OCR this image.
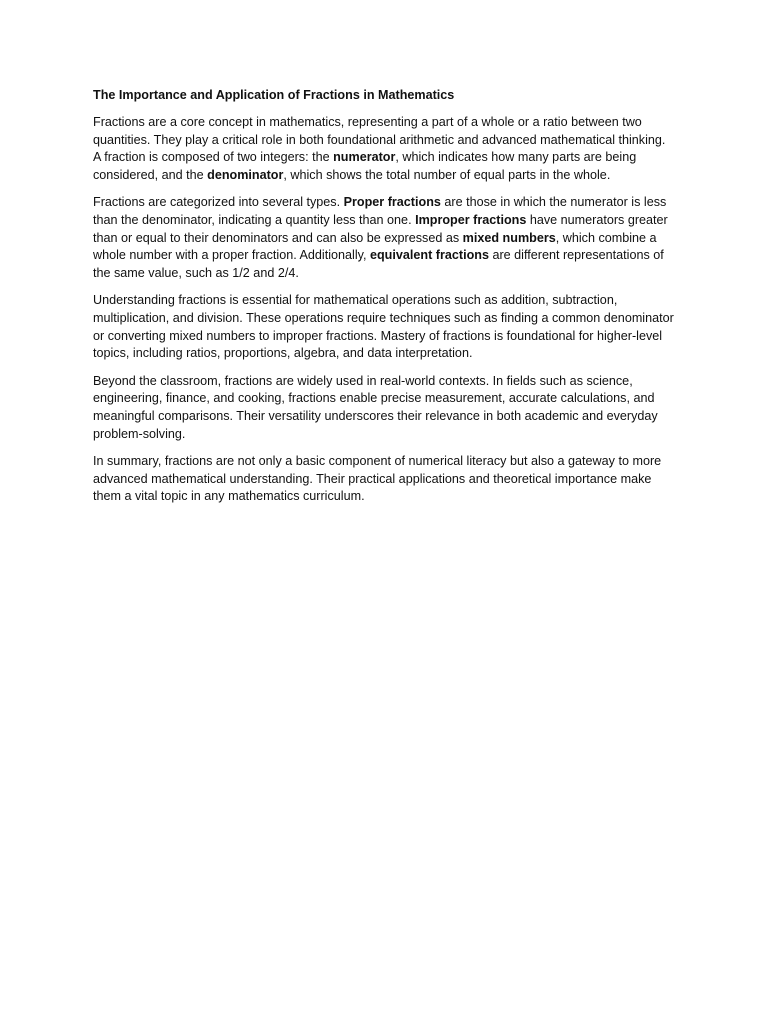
The Importance and Application of Fractions in Mathematics

Fractions are a core concept in mathematics, representing a part of a whole or a ratio between two quantities. They play a critical role in both foundational arithmetic and advanced mathematical thinking. A fraction is composed of two integers: the numerator, which indicates how many parts are being considered, and the denominator, which shows the total number of equal parts in the whole.

Fractions are categorized into several types. Proper fractions are those in which the numerator is less than the denominator, indicating a quantity less than one. Improper fractions have numerators greater than or equal to their denominators and can also be expressed as mixed numbers, which combine a whole number with a proper fraction. Additionally, equivalent fractions are different representations of the same value, such as 1/2 and 2/4.

Understanding fractions is essential for mathematical operations such as addition, subtraction, multiplication, and division. These operations require techniques such as finding a common denominator or converting mixed numbers to improper fractions. Mastery of fractions is foundational for higher-level topics, including ratios, proportions, algebra, and data interpretation.

Beyond the classroom, fractions are widely used in real-world contexts. In fields such as science, engineering, finance, and cooking, fractions enable precise measurement, accurate calculations, and meaningful comparisons. Their versatility underscores their relevance in both academic and everyday problem-solving.

In summary, fractions are not only a basic component of numerical literacy but also a gateway to more advanced mathematical understanding. Their practical applications and theoretical importance make them a vital topic in any mathematics curriculum.
